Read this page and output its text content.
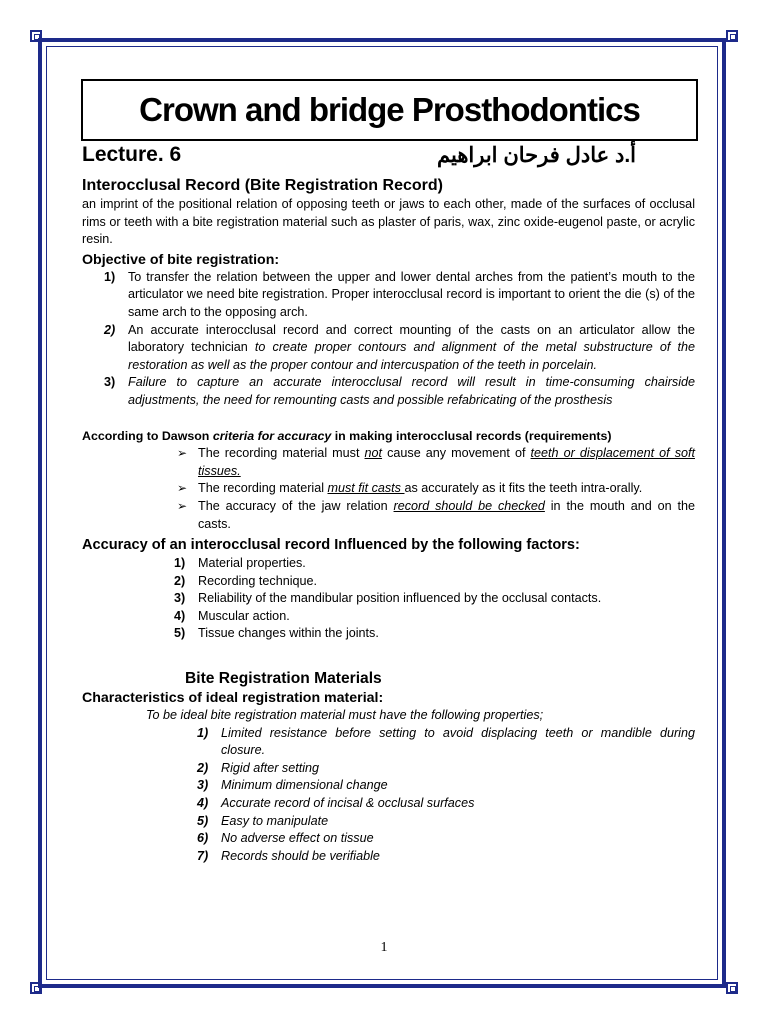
Crown and bridge Prosthodontics
Lecture. 6	أ.د عادل فرحان ابراهيم
Interocclusal Record (Bite Registration Record)

an imprint of the positional relation of opposing teeth or jaws to each other, made of the surfaces of occlusal rims or teeth with a bite registration material such as plaster of paris, wax, zinc oxide-eugenol paste, or acrylic resin.

Objective of bite registration:
1) To transfer the relation between the upper and lower dental arches from the patient’s mouth to the articulator we need bite registration. Proper interocclusal record is important to orient the die (s) of the same arch to the opposing arch.
2) An accurate interocclusal record and correct mounting of the casts on an articulator allow the laboratory technician to create proper contours and alignment of the metal substructure of the restoration as well as the proper contour and intercuspation of the teeth in porcelain.
3) Failure to capture an accurate interocclusal record will result in time-consuming chairside adjustments, the need for remounting casts and possible refabricating of the prosthesis
According to Dawson criteria for accuracy in making interocclusal records (requirements)
➢ The recording material must not cause any movement of teeth or displacement of soft tissues.
➢ The recording material must fit casts as accurately as it fits the teeth intra-orally.
➢ The accuracy of the jaw relation record should be checked in the mouth and on the casts.
Accuracy of an interocclusal record Influenced by the following factors:
1) Material properties.
2) Recording technique.
3) Reliability of the mandibular position influenced by the occlusal contacts.
4) Muscular action.
5) Tissue changes within the joints.
Bite Registration Materials
Characteristics of ideal registration material:
To be ideal bite registration material must have the following properties;
1) Limited resistance before setting to avoid displacing teeth or mandible during closure.
2) Rigid after setting
3) Minimum dimensional change
4) Accurate record of incisal & occlusal surfaces
5) Easy to manipulate
6) No adverse effect on tissue
7) Records should be verifiable
1
